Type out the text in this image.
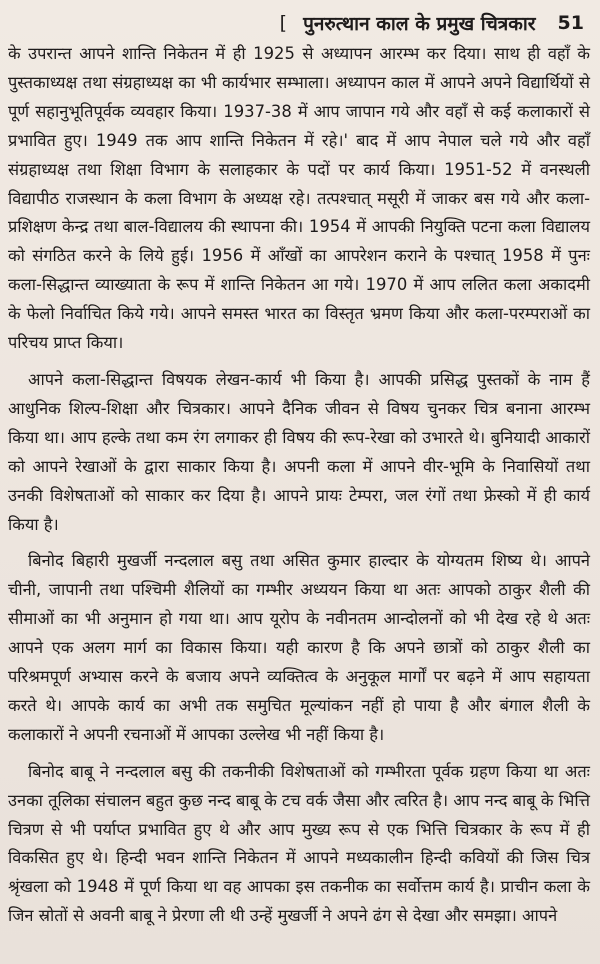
[ पुनरुत्थान काल के प्रमुख चित्रकार 51

के उपरान्त आपने शान्ति निकेतन में ही 1925 से अध्यापन आरम्भ कर दिया। साथ ही वहाँ के पुस्तकाध्यक्ष तथा संग्रहाध्यक्ष का भी कार्यभार सम्भाला। अध्यापन काल में आपने अपने विद्यार्थियों से पूर्ण सहानुभूतिपूर्वक व्यवहार किया। 1937-38 में आप जापान गये और वहाँ से कई कलाकारों से प्रभावित हुए। 1949 तक आप शान्ति निकेतन में रहे।' बाद में आप नेपाल चले गये और वहाँ संग्रहाध्यक्ष तथा शिक्षा विभाग के सलाहकार के पदों पर कार्य किया। 1951-52 में वनस्थली विद्यापीठ राजस्थान के कला विभाग के अध्यक्ष रहे। तत्पश्चात् मसूरी में जाकर बस गये और कला-प्रशिक्षण केन्द्र तथा बाल-विद्यालय की स्थापना की। 1954 में आपकी नियुक्ति पटना कला विद्यालय को संगठित करने के लिये हुई। 1956 में आँखों का आपरेशन कराने के पश्चात् 1958 में पुनः कला-सिद्धान्त व्याख्याता के रूप में शान्ति निकेतन आ गये। 1970 में आप ललित कला अकादमी के फेलो निर्वाचित किये गये। आपने समस्त भारत का विस्तृत भ्रमण किया और कला-परम्पराओं का परिचय प्राप्त किया।

आपने कला-सिद्धान्त विषयक लेखन-कार्य भी किया है। आपकी प्रसिद्ध पुस्तकों के नाम हैं आधुनिक शिल्प-शिक्षा और चित्रकार। आपने दैनिक जीवन से विषय चुनकर चित्र बनाना आरम्भ किया था। आप हल्के तथा कम रंग लगाकर ही विषय की रूप-रेखा को उभारते थे। बुनियादी आकारों को आपने रेखाओं के द्वारा साकार किया है। अपनी कला में आपने वीर-भूमि के निवासियों तथा उनकी विशेषताओं को साकार कर दिया है। आपने प्रायः टेम्परा, जल रंगों तथा फ्रेस्को में ही कार्य किया है।

बिनोद बिहारी मुखर्जी नन्दलाल बसु तथा असित कुमार हाल्दार के योग्यतम शिष्य थे। आपने चीनी, जापानी तथा पश्चिमी शैलियों का गम्भीर अध्ययन किया था अतः आपको ठाकुर शैली की सीमाओं का भी अनुमान हो गया था। आप यूरोप के नवीनतम आन्दोलनों को भी देख रहे थे अतः आपने एक अलग मार्ग का विकास किया। यही कारण है कि अपने छात्रों को ठाकुर शैली का परिश्रमपूर्ण अभ्यास करने के बजाय अपने व्यक्तित्व के अनुकूल मार्गों पर बढ़ने में आप सहायता करते थे। आपके कार्य का अभी तक समुचित मूल्यांकन नहीं हो पाया है और बंगाल शैली के कलाकारों ने अपनी रचनाओं में आपका उल्लेख भी नहीं किया है।

बिनोद बाबू ने नन्दलाल बसु की तकनीकी विशेषताओं को गम्भीरता पूर्वक ग्रहण किया था अतः उनका तूलिका संचालन बहुत कुछ नन्द बाबू के टच वर्क जैसा और त्वरित है। आप नन्द बाबू के भित्ति चित्रण से भी पर्याप्त प्रभावित हुए थे और आप मुख्य रूप से एक भित्ति चित्रकार के रूप में ही विकसित हुए थे। हिन्दी भवन शान्ति निकेतन में आपने मध्यकालीन हिन्दी कवियों की जिस चित्र श्रृंखला को 1948 में पूर्ण किया था वह आपका इस तकनीक का सर्वोत्तम कार्य है। प्राचीन कला के जिन स्रोतों से अवनी बाबू ने प्रेरणा ली थी उन्हें मुखर्जी ने अपने ढंग से देखा और समझा। आपने
